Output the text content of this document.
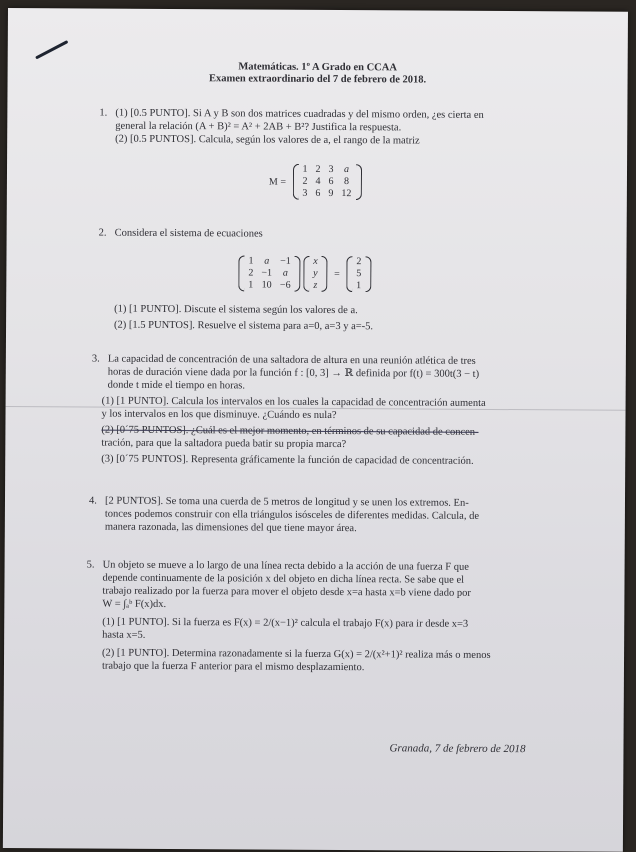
Matemáticas. 1º A Grado en CCAA
Examen extraordinario del 7 de febrero de 2018.
1. (1) [0.5 PUNTO]. Si A y B son dos matrices cuadradas y del mismo orden, ¿es cierta en
general la relación (A + B)² = A² + 2AB + B²? Justifica la respuesta.
(2) [0.5 PUNTOS]. Calcula, según los valores de a, el rango de la matriz
M =
1	2	3	a
2	4	6	8
3	6	9	12
2. Considera el sistema de ecuaciones
1	a	−1
2	−1	a
1	10	−6

x
y
z
=
2
5
1
(1) [1 PUNTO]. Discute el sistema según los valores de a.
(2) [1.5 PUNTOS]. Resuelve el sistema para a=0, a=3 y a=-5.
3. La capacidad de concentración de una saltadora de altura en una reunión atlética de tres
horas de duración viene dada por la función f : [0, 3] → ℝ definida por f(t) = 300t(3 − t)
donde t mide el tiempo en horas.
(1) [1 PUNTO]. Calcula los intervalos en los cuales la capacidad de concentración aumenta
y los intervalos en los que disminuye. ¿Cuándo es nula?
(2) [0´75 PUNTOS]. ¿Cuál es el mejor momento, en términos de su capacidad de concen-
tración, para que la saltadora pueda batir su propia marca?
(3) [0´75 PUNTOS]. Representa gráficamente la función de capacidad de concentración.
4. [2 PUNTOS]. Se toma una cuerda de 5 metros de longitud y se unen los extremos. En-
tonces podemos construir con ella triángulos isósceles de diferentes medidas. Calcula, de
manera razonada, las dimensiones del que tiene mayor área.
5. Un objeto se mueve a lo largo de una línea recta debido a la acción de una fuerza F que
depende continuamente de la posición x del objeto en dicha línea recta. Se sabe que el
trabajo realizado por la fuerza para mover el objeto desde x=a hasta x=b viene dado por
W = ∫ₐᵇ F(x)dx.
(1) [1 PUNTO]. Si la fuerza es F(x) = 2/(x−1)² calcula el trabajo F(x) para ir desde x=3
hasta x=5.
(2) [1 PUNTO]. Determina razonadamente si la fuerza G(x) = 2/(x²+1)² realiza más o menos
trabajo que la fuerza F anterior para el mismo desplazamiento.
Granada, 7 de febrero de 2018
